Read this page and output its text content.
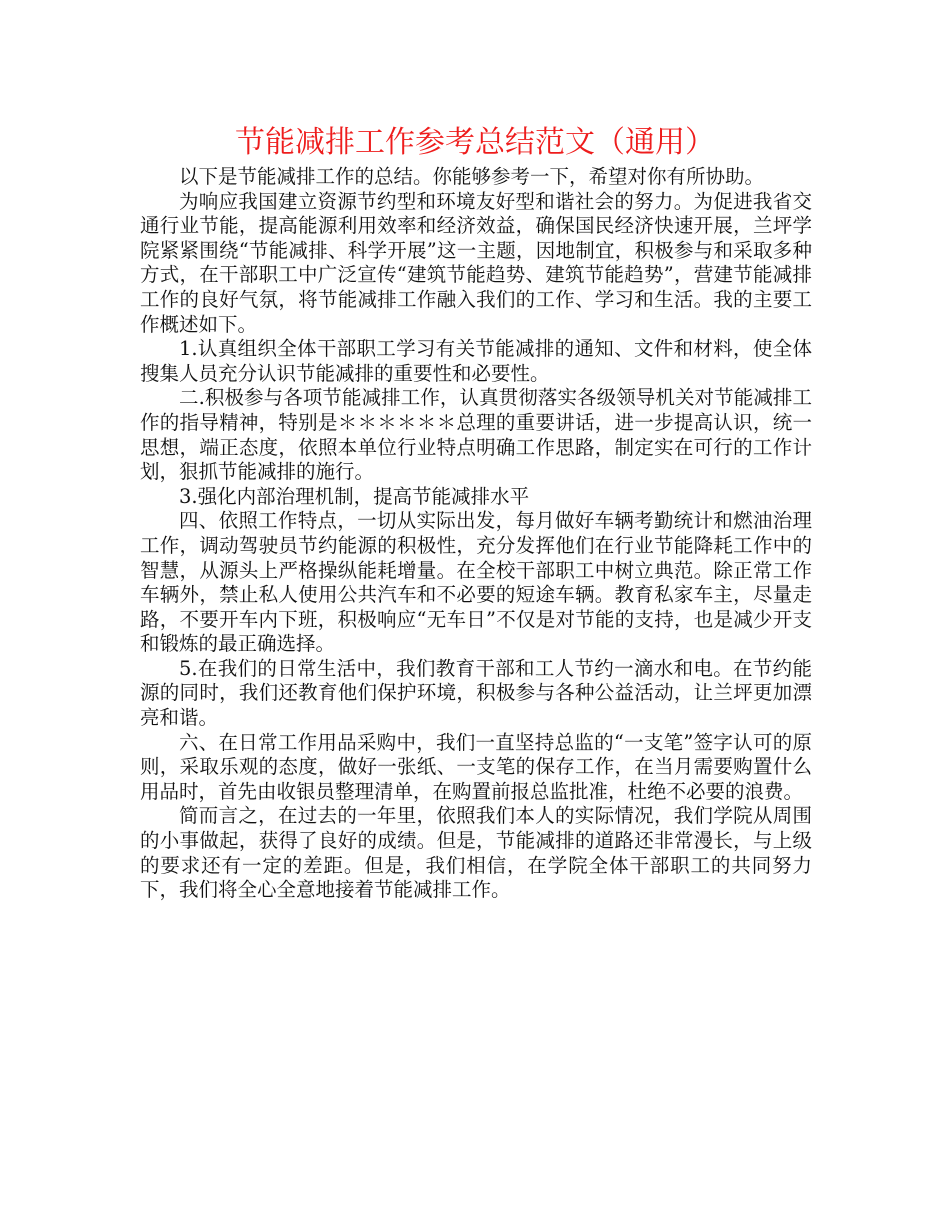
节能减排工作参考总结范文（通用）

以下是节能减排工作的总结。你能够参考一下，希望对你有所协助。

为响应我国建立资源节约型和环境友好型和谐社会的努力。为促进我省交通行业节能，提高能源利用效率和经济效益，确保国民经济快速开展，兰坪学院紧紧围绕“节能减排、科学开展”这一主题，因地制宜，积极参与和采取多种方式，在干部职工中广泛宣传“建筑节能趋势、建筑节能趋势”，营建节能减排工作的良好气氛，将节能减排工作融入我们的工作、学习和生活。我的主要工作概述如下。

1.认真组织全体干部职工学习有关节能减排的通知、文件和材料，使全体搜集人员充分认识节能减排的重要性和必要性。

二.积极参与各项节能减排工作，认真贯彻落实各级领导机关对节能减排工作的指导精神，特别是＊＊＊＊＊＊总理的重要讲话，进一步提高认识，统一思想，端正态度，依照本单位行业特点明确工作思路，制定实在可行的工作计划，狠抓节能减排的施行。

3.强化内部治理机制，提高节能减排水平

四、依照工作特点，一切从实际出发，每月做好车辆考勤统计和燃油治理工作，调动驾驶员节约能源的积极性，充分发挥他们在行业节能降耗工作中的智慧，从源头上严格操纵能耗增量。在全校干部职工中树立典范。除正常工作车辆外，禁止私人使用公共汽车和不必要的短途车辆。教育私家车主，尽量走路，不要开车内下班，积极响应“无车日”不仅是对节能的支持，也是减少开支和锻炼的最正确选择。

5.在我们的日常生活中，我们教育干部和工人节约一滴水和电。在节约能源的同时，我们还教育他们保护环境，积极参与各种公益活动，让兰坪更加漂亮和谐。

六、在日常工作用品采购中，我们一直坚持总监的“一支笔”签字认可的原则，采取乐观的态度，做好一张纸、一支笔的保存工作，在当月需要购置什么用品时，首先由收银员整理清单，在购置前报总监批准，杜绝不必要的浪费。

简而言之，在过去的一年里，依照我们本人的实际情况，我们学院从周围的小事做起，获得了良好的成绩。但是，节能减排的道路还非常漫长，与上级的要求还有一定的差距。但是，我们相信，在学院全体干部职工的共同努力下，我们将全心全意地接着节能减排工作。
